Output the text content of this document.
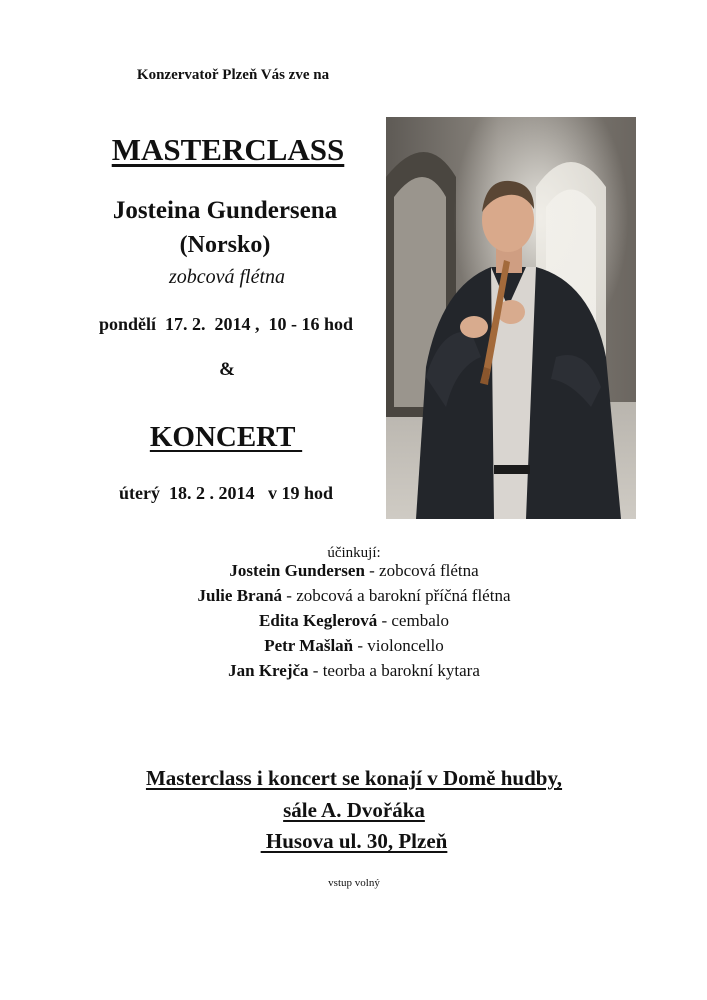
Konzervatoř Plzeň Vás zve na
MASTERCLASS
Josteina Gundersena
(Norsko)
zobcová flétna
pondělí  17. 2.  2014 ,  10 - 16 hod
&
KONCERT
úterý  18. 2 . 2014   v 19 hod
účinkují:
Jostein Gundersen - zobcová flétna
Julie Braná - zobcová a barokní příčná flétna
Edita Keglerová - cembalo
Petr Mašlaň - violoncello
Jan Krejča - teorba a barokní kytara
Masterclass i koncert se konají v Domě hudby,
sále A. Dvořáka
Husova ul. 30, Plzeň
vstup volný
